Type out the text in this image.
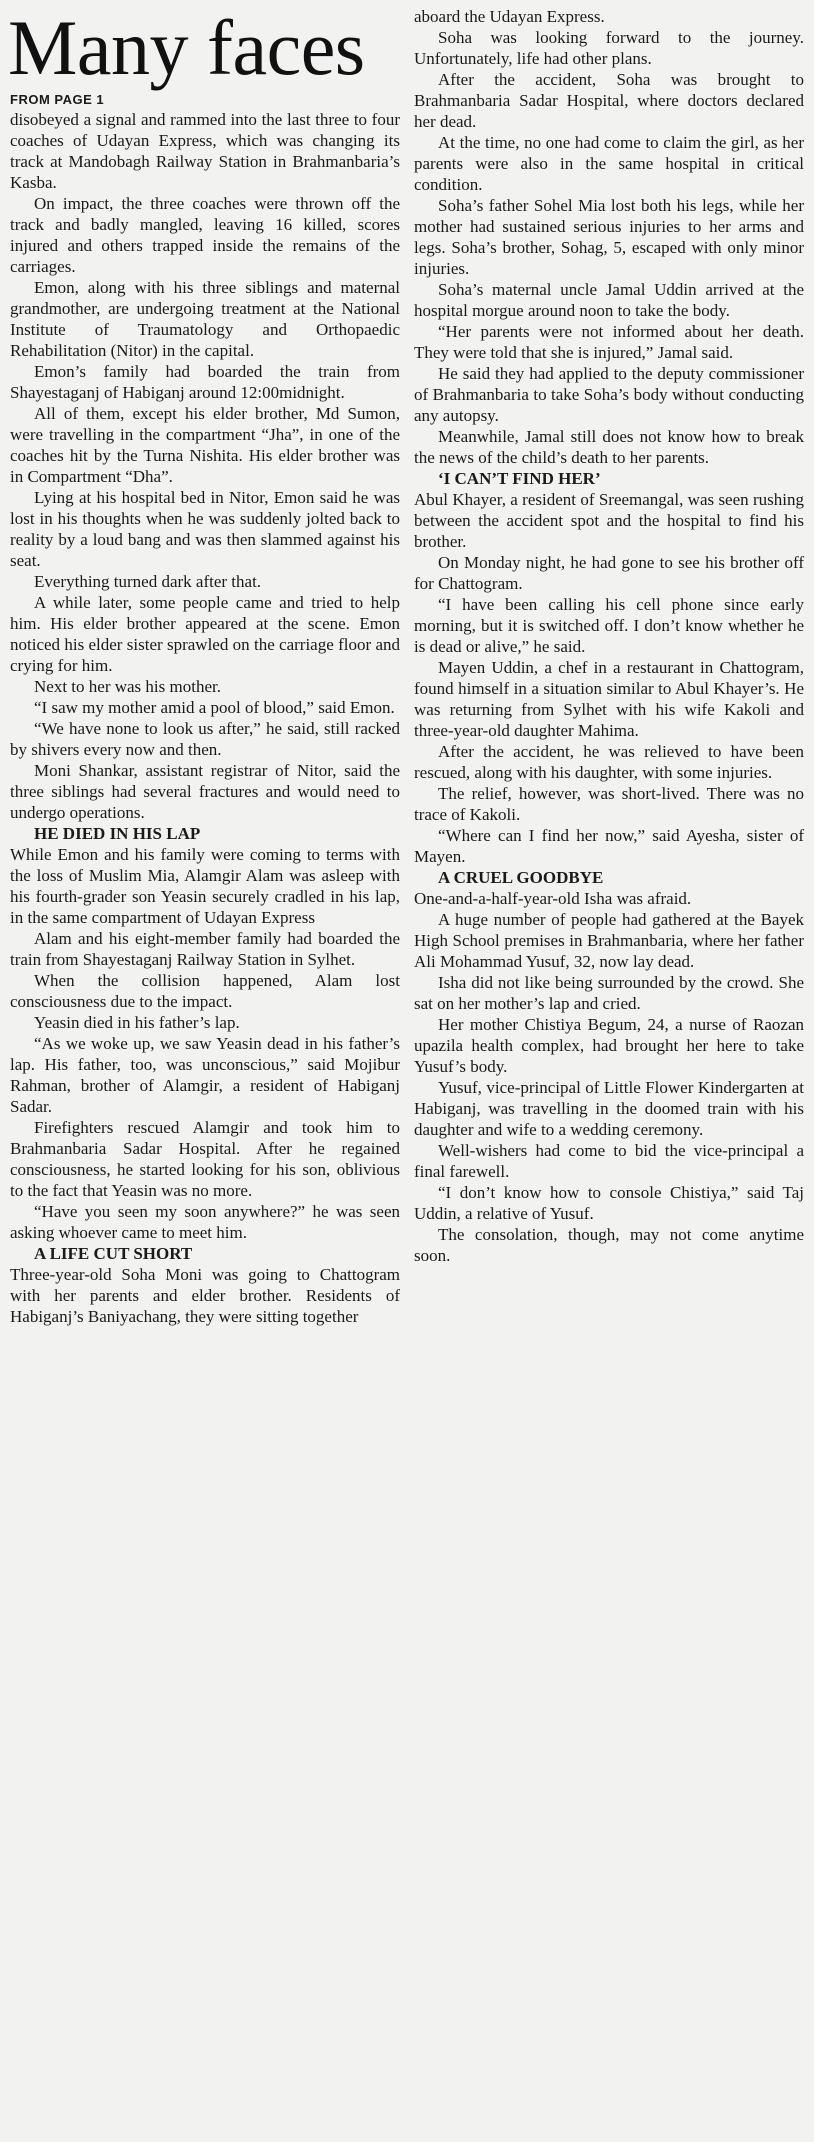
Many faces

FROM PAGE 1

disobeyed a signal and rammed into the last three to four coaches of Udayan Express, which was changing its track at Mandobagh Railway Station in Brahmanbaria’s Kasba.

On impact, the three coaches were thrown off the track and badly mangled, leaving 16 killed, scores injured and others trapped inside the remains of the carriages.

Emon, along with his three siblings and maternal grandmother, are undergoing treatment at the National Institute of Traumatology and Orthopaedic Rehabilitation (Nitor) in the capital.

Emon’s family had boarded the train from Shayestaganj of Habiganj around 12:00midnight.

All of them, except his elder brother, Md Sumon, were travelling in the compartment “Jha”, in one of the coaches hit by the Turna Nishita. His elder brother was in Compartment “Dha”.

Lying at his hospital bed in Nitor, Emon said he was lost in his thoughts when he was suddenly jolted back to reality by a loud bang and was then slammed against his seat.

Everything turned dark after that.

A while later, some people came and tried to help him. His elder brother appeared at the scene. Emon noticed his elder sister sprawled on the carriage floor and crying for him.

Next to her was his mother.

“I saw my mother amid a pool of blood,” said Emon.

“We have none to look us after,” he said, still racked by shivers every now and then.

Moni Shankar, assistant registrar of Nitor, said the three siblings had several fractures and would need to undergo operations.

HE DIED IN HIS LAP

While Emon and his family were coming to terms with the loss of Muslim Mia, Alamgir Alam was asleep with his fourth-grader son Yeasin securely cradled in his lap, in the same compartment of Udayan Express

Alam and his eight-member family had boarded the train from Shayestaganj Railway Station in Sylhet.

When the collision happened, Alam lost consciousness due to the impact.

Yeasin died in his father’s lap.

“As we woke up, we saw Yeasin dead in his father’s lap. His father, too, was unconscious,” said Mojibur Rahman, brother of Alamgir, a resident of Habiganj Sadar.

Firefighters rescued Alamgir and took him to Brahmanbaria Sadar Hospital. After he regained consciousness, he started looking for his son, oblivious to the fact that Yeasin was no more.

“Have you seen my soon anywhere?” he was seen asking whoever came to meet him.

A LIFE CUT SHORT

Three-year-old Soha Moni was going to Chattogram with her parents and elder brother. Residents of Habiganj’s Baniyachang, they were sitting together

aboard the Udayan Express.

Soha was looking forward to the journey. Unfortunately, life had other plans.

After the accident, Soha was brought to Brahmanbaria Sadar Hospital, where doctors declared her dead.

At the time, no one had come to claim the girl, as her parents were also in the same hospital in critical condition.

Soha’s father Sohel Mia lost both his legs, while her mother had sustained serious injuries to her arms and legs. Soha’s brother, Sohag, 5, escaped with only minor injuries.

Soha’s maternal uncle Jamal Uddin arrived at the hospital morgue around noon to take the body.

“Her parents were not informed about her death. They were told that she is injured,” Jamal said.

He said they had applied to the deputy commissioner of Brahmanbaria to take Soha’s body without conducting any autopsy.

Meanwhile, Jamal still does not know how to break the news of the child’s death to her parents.

‘I CAN’T FIND HER’

Abul Khayer, a resident of Sreemangal, was seen rushing between the accident spot and the hospital to find his brother.

On Monday night, he had gone to see his brother off for Chattogram.

“I have been calling his cell phone since early morning, but it is switched off. I don’t know whether he is dead or alive,” he said.

Mayen Uddin, a chef in a restaurant in Chattogram, found himself in a situation similar to Abul Khayer’s. He was returning from Sylhet with his wife Kakoli and three-year-old daughter Mahima.

After the accident, he was relieved to have been rescued, along with his daughter, with some injuries.

The relief, however, was short-lived. There was no trace of Kakoli.

“Where can I find her now,” said Ayesha, sister of Mayen.

A CRUEL GOODBYE

One-and-a-half-year-old Isha was afraid.

A huge number of people had gathered at the Bayek High School premises in Brahmanbaria, where her father Ali Mohammad Yusuf, 32, now lay dead.

Isha did not like being surrounded by the crowd. She sat on her mother’s lap and cried.

Her mother Chistiya Begum, 24, a nurse of Raozan upazila health complex, had brought her here to take Yusuf’s body.

Yusuf, vice-principal of Little Flower Kindergarten at Habiganj, was travelling in the doomed train with his daughter and wife to a wedding ceremony.

Well-wishers had come to bid the vice-principal a final farewell.

“I don’t know how to console Chistiya,” said Taj Uddin, a relative of Yusuf.

The consolation, though, may not come anytime soon.
